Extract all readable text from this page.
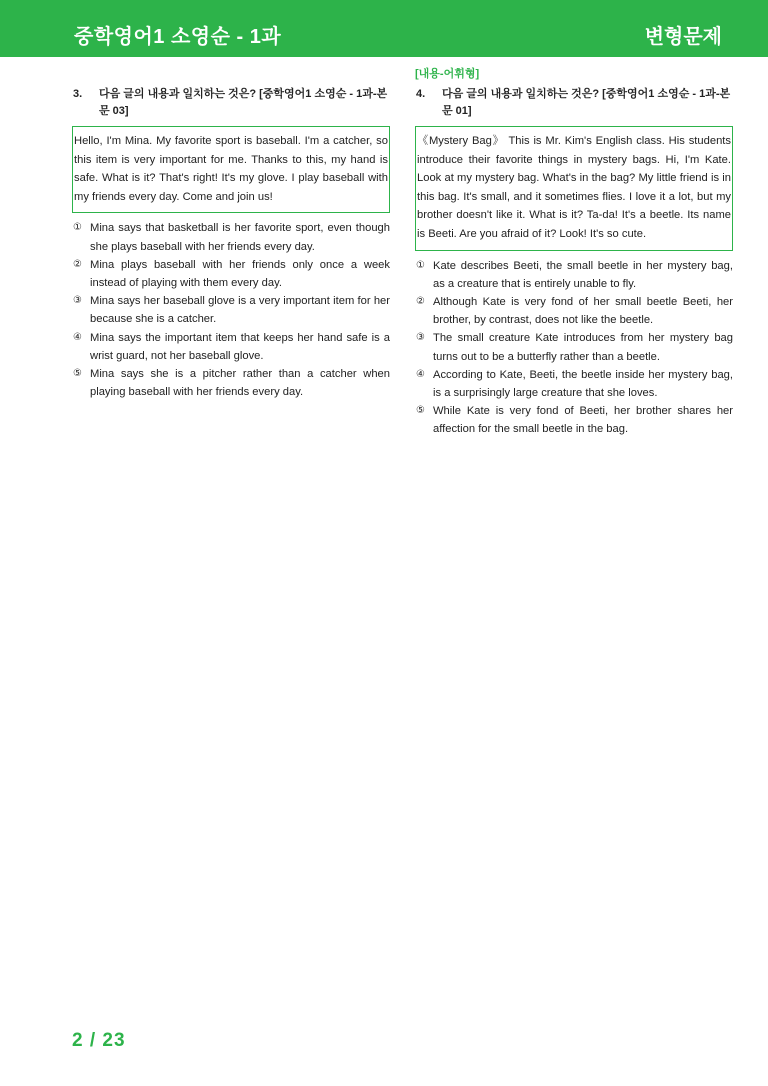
중학영어1 소영순 - 1과	변형문제
3. 다음 글의 내용과 일치하는 것은? [중학영어1 소영순 - 1과-본문 03]
Hello, I'm Mina. My favorite sport is baseball. I'm a catcher, so this item is very important for me. Thanks to this, my hand is safe. What is it? That's right! It's my glove. I play baseball with my friends every day. Come and join us!
① Mina says that basketball is her favorite sport, even though she plays baseball with her friends every day.
② Mina plays baseball with her friends only once a week instead of playing with them every day.
③ Mina says her baseball glove is a very important item for her because she is a catcher.
④ Mina says the important item that keeps her hand safe is a wrist guard, not her baseball glove.
⑤ Mina says she is a pitcher rather than a catcher when playing baseball with her friends every day.
[내용-어휘형]
4. 다음 글의 내용과 일치하는 것은? [중학영어1 소영순 - 1과-본문 01]
《Mystery Bag》 This is Mr. Kim's English class. His students introduce their favorite things in mystery bags. Hi, I'm Kate. Look at my mystery bag. What's in the bag? My little friend is in this bag. It's small, and it sometimes flies. I love it a lot, but my brother doesn't like it. What is it? Ta-da! It's a beetle. Its name is Beeti. Are you afraid of it? Look! It's so cute.
① Kate describes Beeti, the small beetle in her mystery bag, as a creature that is entirely unable to fly.
② Although Kate is very fond of her small beetle Beeti, her brother, by contrast, does not like the beetle.
③ The small creature Kate introduces from her mystery bag turns out to be a butterfly rather than a beetle.
④ According to Kate, Beeti, the beetle inside her mystery bag, is a surprisingly large creature that she loves.
⑤ While Kate is very fond of Beeti, her brother shares her affection for the small beetle in the bag.
2 / 23
